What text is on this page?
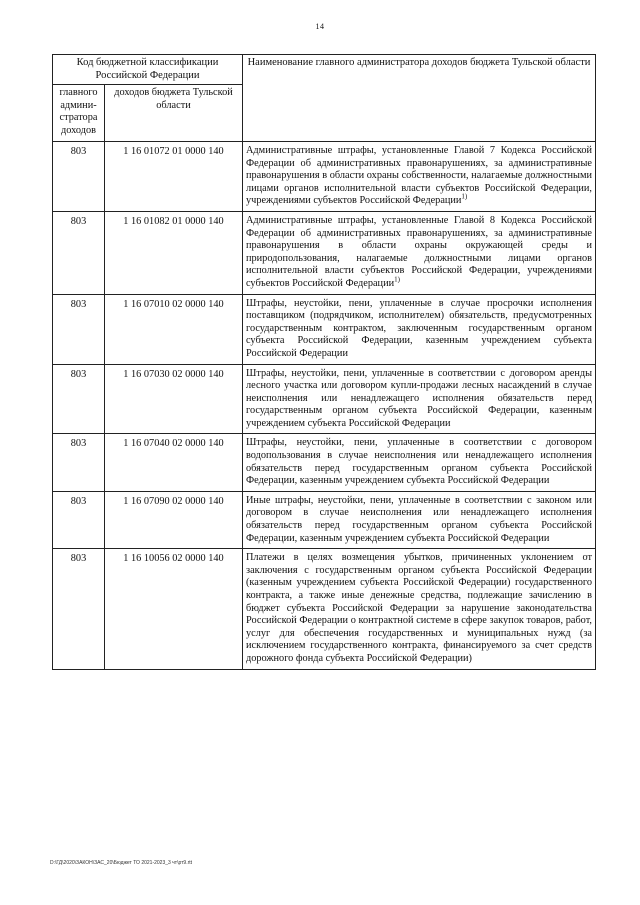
14
Код бюджетной классификации Российской Федерации		Наименование главного администратора доходов бюджета Тульской области
главного админи-стратора доходов	доходов бюджета Тульской области	
803	1 16 01072 01 0000 140	Административные штрафы, установленные Главой 7 Кодекса Российской Федерации об административных правонарушениях, за административные правонарушения в области охраны собственности, налагаемые должностными лицами органов исполнительной власти субъектов Российской Федерации, учреждениями субъектов Российской Федерации$^{1)}$
803	1 16 01082 01 0000 140	Административные штрафы, установленные Главой 8 Кодекса Российской Федерации об административных правонарушениях, за административные правонарушения в области охраны окружающей среды и природопользования, налагаемые должностными лицами органов исполнительной власти субъектов Российской Федерации, учреждениями субъектов Российской Федерации$^{1)}$
803	1 16 07010 02 0000 140	Штрафы, неустойки, пени, уплаченные в случае просрочки исполнения поставщиком (подрядчиком, исполнителем) обязательств, предусмотренных государственным контрактом, заключенным государственным органом субъекта Российской Федерации, казенным учреждением субъекта Российской Федерации
803	1 16 07030 02 0000 140	Штрафы, неустойки, пени, уплаченные в соответствии с договором аренды лесного участка или договором купли-продажи лесных насаждений в случае неисполнения или ненадлежащего исполнения обязательств перед государственным органом субъекта Российской Федерации, казенным учреждением субъекта Российской Федерации
803	1 16 07040 02 0000 140	Штрафы, неустойки, пени, уплаченные в соответствии с договором водопользования в случае неисполнения или ненадлежащего исполнения обязательств перед государственным органом субъекта Российской Федерации, казенным учреждением субъекта Российской Федерации
803	1 16 07090 02 0000 140	Иные штрафы, неустойки, пени, уплаченные в соответствии с законом или договором в случае неисполнения или ненадлежащего исполнения обязательств перед государственным органом субъекта Российской Федерации, казенным учреждением субъекта Российской Федерации
803	1 16 10056 02 0000 140	Платежи в целях возмещения убытков, причиненных уклонением от заключения с государственным органом субъекта Российской Федерации (казенным учреждением субъекта Российской Федерации) государственного контракта, а также иные денежные средства, подлежащие зачислению в бюджет субъекта Российской Федерации за нарушение законодательства Российской Федерации о контрактной системе в сфере закупок товаров, работ, услуг для обеспечения государственных и муниципальных нужд (за исключением государственного контракта, финансируемого за счет средств дорожного фонда субъекта Российской Федерации)
D:\ГД\2020\ЗАКОН\ЗАС_20\Бюджет ТО 2021-2023_3 чт\рт9.rtt
